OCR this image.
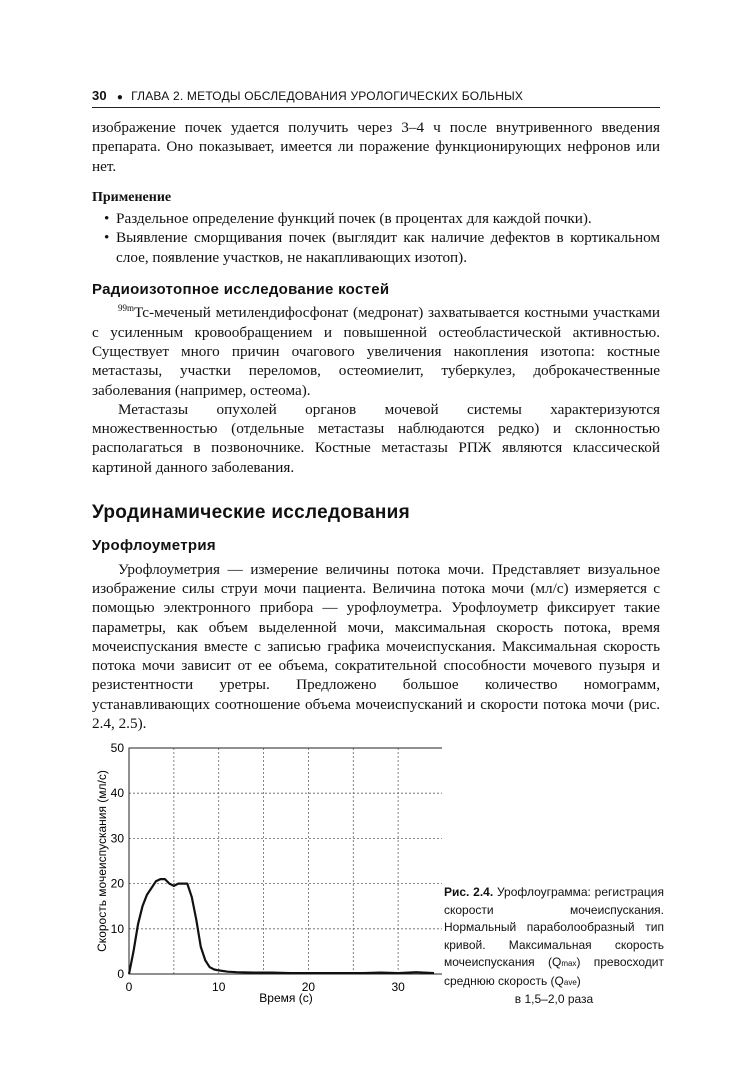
30 ● ГЛАВА 2. МЕТОДЫ ОБСЛЕДОВАНИЯ УРОЛОГИЧЕСКИХ БОЛЬНЫХ

изображение почек удается получить через 3–4 ч после внутривенного введения препарата. Оно показывает, имеется ли поражение функционирующих нефронов или нет.

Применение
• Раздельное определение функций почек (в процентах для каждой почки).
• Выявление сморщивания почек (выглядит как наличие дефектов в кортикальном слое, появление участков, не накапливающих изотоп).
Радиоизотопное исследование костей

$^{99m}$Tc-меченый метилендифосфонат (медронат) захватывается костными участками с усиленным кровообращением и повышенной остеобластической активностью. Существует много причин очагового увеличения накопления изотопа: костные метастазы, участки переломов, остеомиелит, туберкулез, доброкачественные заболевания (например, остеома).

Метастазы опухолей органов мочевой системы характеризуются множественностью (отдельные метастазы наблюдаются редко) и склонностью располагаться в позвоночнике. Костные метастазы РПЖ являются классической картиной данного заболевания.

Уродинамические исследования
Урофлоуметрия

Урофлоуметрия — измерение величины потока мочи. Представляет визуальное изображение силы струи мочи пациента. Величина потока мочи (мл/с) измеряется с помощью электронного прибора — урофлоуметра. Урофлоуметр фиксирует такие параметры, как объем выделенной мочи, максимальная скорость потока, время мочеиспускания вместе с записью графика мочеиспускания. Максимальная скорость потока мочи зависит от ее объема, сократительной способности мочевого пузыря и резистентности уретры. Предложено большое количество номограмм, устанавливающих соотношение объема мочеиспусканий и скорости потока мочи (рис. 2.4, 2.5).

0
10
20
30
40
50
0	10	20	30
Время (с)
Скорость мочеиспускания (мл/с)	Рис. 2.4. Урофлоуграмма: регистрация скорости мочеиспускания. Нормальный параболообразный тип кривой. Максимальная скорость мочеиспускания (Qmax) превосходит среднюю скорость (Qave)
в 1,5–2,0 раза
